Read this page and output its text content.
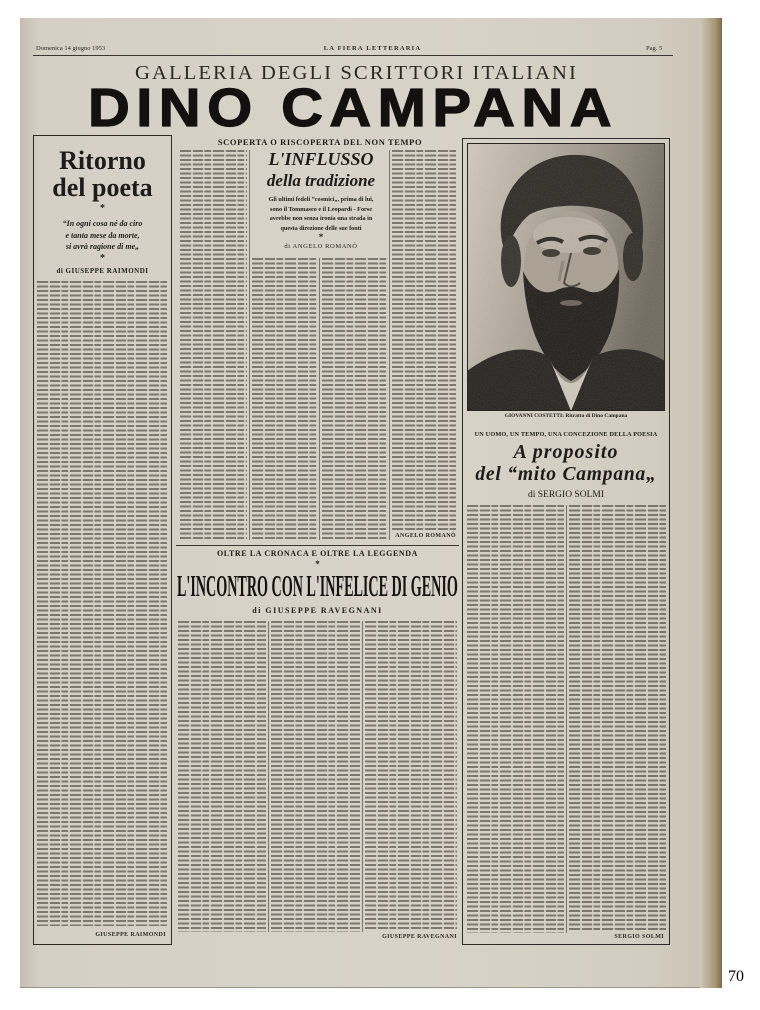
Domenica 14 giugno 1953	LA FIERA LETTERARIA	Pag. 5
GALLERIA DEGLI SCRITTORI ITALIANI
DINO CAMPANA
Ritorno
del poeta
*
“In ogni cosa né da ciro
e tanta mese da morte,
si avrà ragione di me„
*
di GIUSEPPE RAIMONDI
GIUSEPPE RAIMONDI
SCOPERTA O RISCOPERTA DEL NON TEMPO
L'INFLUSSO
della tradizione
Gli ultimi fedeli “cosmici„, prima di lui,
sono il Tommaseo e il Leopardi - Forse
avrebbe non senza ironia una strada in
questa direzione delle sue fonti
*
di ANGELO ROMANÒ
ANGELO ROMANÒ
OLTRE LA CRONACA E OLTRE LA LEGGENDA
*
L'INCONTRO CON L'INFELICE DI GENIO
di GIUSEPPE RAVEGNANI
GIUSEPPE RAVEGNANI
GIOVANNI COSTETTI: Ritratto di Dino Campana
UN UOMO, UN TEMPO, UNA CONCEZIONE DELLA POESIA
A proposito
del “mito Campana„
di SERGIO SOLMI
SERGIO SOLMI
70
